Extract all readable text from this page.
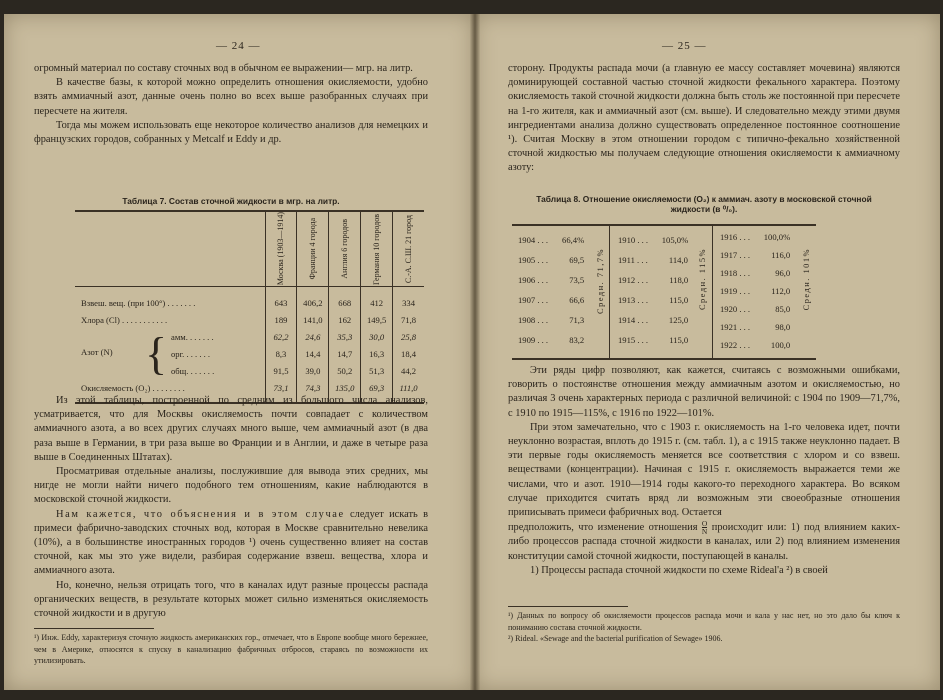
— 24 —

огромный материал по составу сточных вод в обычном ее выражении— мгр. на литр.

В качестве базы, к которой можно определить отношения окисляемости, удобно взять аммиачный азот, данные очень полно во всех выше разобранных случаях при пересчете на жителя.

Тогда мы можем использовать еще некоторое количество анализов для немецких и французских городов, собранных у Metcalf и Eddy и др.

Таблица 7. Состав сточной жидкости в мгр. на литр.

	Москва (1903—1914)	Франции 4 города	Англия 6 городов	Германия 10 городов	С.-А. С.Ш. 21 город

Взвеш. вещ. (при 100°) . . . . . . .	643	406,2	668	412	334
Хлора (Cl) . . . . . . . . . . .	189	141,0	162	149,5	71,8
амм. . . . . . .	62,2	24,6	35,3	30,0	25,8

Азот (N) { орг. . . . . . .	8,3	14,4	14,7	16,3	18,4
общ. . . . . . .	91,5	39,0	50,2	51,3	44,2
Окисляемость (O₂) . . . . . . . .	73,1	74,3	135,0	69,3	111,0

Из этой таблицы, построенной по средним из большого числа анализов, усматривается, что для Москвы окисляемость почти совпадает с количеством аммиачного азота, а во всех других случаях много выше, чем аммиачный азот (в два раза выше в Германии, в три раза выше во Франции и в Англии, и даже в четыре раза выше в Соединенных Штатах).

Просматривая отдельные анализы, послужившие для вывода этих средних, мы нигде не могли найти ничего подобного тем отношениям, какие наблюдаются в московской сточной жидкости.

Нам кажется, что объяснения и в этом случае следует искать в примеси фабрично-заводских сточных вод, которая в Москве сравнительно невелика (10%), а в большинстве иностранных городов ¹) очень существенно влияет на состав сточной, как мы это уже видели, разбирая содержание взвеш. вещества, хлора и аммиачного азота.

Но, конечно, нельзя отрицать того, что в каналах идут разные процессы распада органических веществ, в результате которых может сильно изменяться окисляемость сточной жидкости и в другую

¹) Инж. Eddy, характеризуя сточную жидкость американских гор., отмечает, что в Европе вообще много бережнее, чем в Америке, относятся к спуску в канализацию фабричных отбросов, стараясь по возможности их утилизировать.
— 25 —

сторону. Продукты распада мочи (а главную ее массу составляет мочевина) являются доминирующей составной частью сточной жидкости фекального характера. Поэтому окисляемость такой сточной жидкости должна быть столь же постоянной при пересчете на 1-го жителя, как и аммиачный азот (см. выше). И следовательно между этими двумя ингредиентами анализа должно существовать определенное постоянное соотношение ¹). Считая Москву в этом отношении городом с типично-фекально хозяйственной сточной жидкостью мы получаем следующие отношения окисляемости к аммиачному азоту:

Таблица 8. Отношение окисляемости (O₂) к аммиач. азоту в московской сточной
жидкости (в ⁰/₀).
1904 . . . 66,4%
1905 . . . 69,5
1906 . . . 73,5
1907 . . . 66,6
1908 . . . 71,3
1909 . . . 83,2
Средн. 71,7%
1910 . . . 105,0%
1911 . . . 114,0
1912 . . . 118,0
1913 . . . 115,0
1914 . . . 125,0
1915 . . . 115,0
Средн. 115%
1916 . . . 100,0%
1917 . . . 116,0
1918 . . .	96,0
1919 . . . 112,0
1920 . . .	85,0
1921 . . .	98,0
1922 . . . 100,0
Средн. 101%

Эти ряды цифр позволяют, как кажется, считаясь с возможными ошибками, говорить о постоянстве отношения между аммиачным азотом и окисляемостью, но различая 3 очень характерных периода с различной величиной: с 1904 по 1909—71,7%, с 1910 по 1915—115%, с 1916 по 1922—101%.

При этом замечательно, что с 1903 г. окисляемость на 1-го человека идет, почти неуклонно возрастая, вплоть до 1915 г. (см. табл. 1), а с 1915 также неуклонно падает. В эти первые годы окисляемость меняется все соответствия с хлором и со взвеш. веществами (концентрации). Начиная с 1915 г. окисляемость выражается теми же числами, что и азот. 1910—1914 годы какого-то переходного характера. Во всяком случае приходится считать вряд ли возможным эти своеобразные отношения приписывать примеси фабричных вод. Остается

предположить, что изменение отношения $\frac{O}{N}$ происходит или: 1) под влиянием каких-либо процессов распада сточной жидкости в каналах, или 2) под влиянием изменения конституции самой сточной жидкости, поступающей в каналы.

1) Процессы распада сточной жидкости по схеме Rideal'a ²) в своей

¹) Данных по вопросу об окисляемости процессов распада мочи и кала у нас нет, но это дало бы ключ к пониманию состава сточной жидкости.
²) Rideal. «Sewage and the bacterial purification of Sewage» 1906.
